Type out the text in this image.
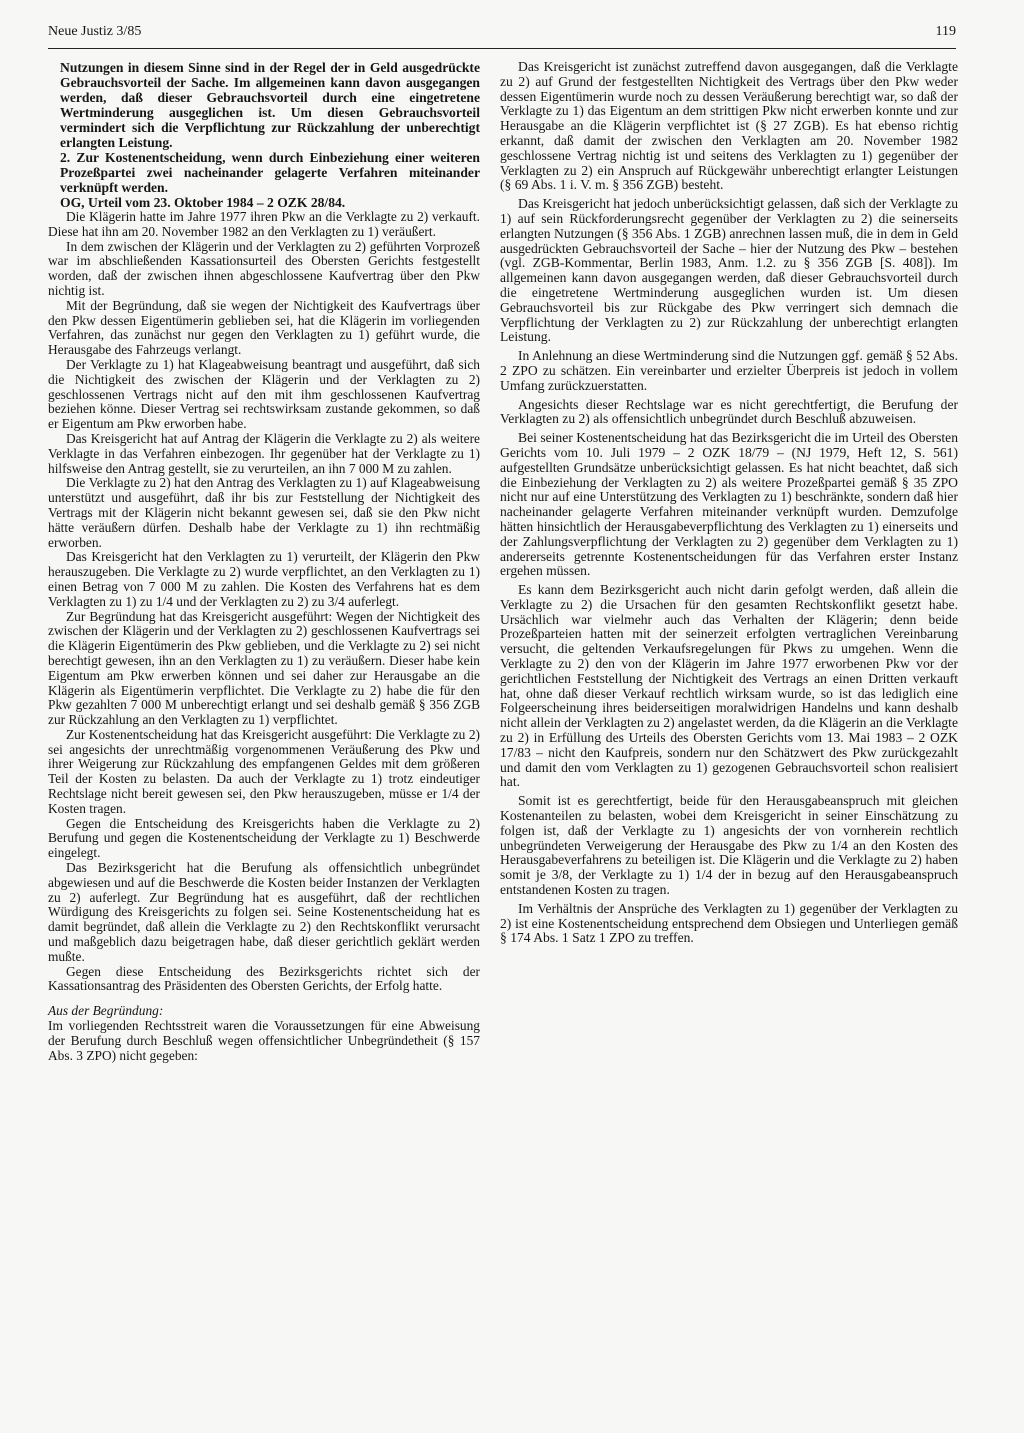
Neue Justiz 3/85	119

Nutzungen in diesem Sinne sind in der Regel der in Geld ausgedrückte Gebrauchsvorteil der Sache. Im allgemeinen kann davon ausgegangen werden, daß dieser Gebrauchsvorteil durch eine eingetretene Wertminderung ausgeglichen ist. Um diesen Gebrauchsvorteil vermindert sich die Verpflichtung zur Rückzahlung der unberechtigt erlangten Leistung.

2. Zur Kostenentscheidung, wenn durch Einbeziehung einer weiteren Prozeßpartei zwei nacheinander gelagerte Verfahren miteinander verknüpft werden.

OG, Urteil vom 23. Oktober 1984 – 2 OZK 28/84.

Die Klägerin hatte im Jahre 1977 ihren Pkw an die Verklagte zu 2) verkauft. Diese hat ihn am 20. November 1982 an den Verklagten zu 1) veräußert.

In dem zwischen der Klägerin und der Verklagten zu 2) geführten Vorprozeß war im abschließenden Kassationsurteil des Obersten Gerichts festgestellt worden, daß der zwischen ihnen abgeschlossene Kaufvertrag über den Pkw nichtig ist.

Mit der Begründung, daß sie wegen der Nichtigkeit des Kaufvertrags über den Pkw dessen Eigentümerin geblieben sei, hat die Klägerin im vorliegenden Verfahren, das zunächst nur gegen den Verklagten zu 1) geführt wurde, die Herausgabe des Fahrzeugs verlangt.

Der Verklagte zu 1) hat Klageabweisung beantragt und ausgeführt, daß sich die Nichtigkeit des zwischen der Klägerin und der Verklagten zu 2) geschlossenen Vertrags nicht auf den mit ihm geschlossenen Kaufvertrag beziehen könne. Dieser Vertrag sei rechtswirksam zustande gekommen, so daß er Eigentum am Pkw erworben habe.

Das Kreisgericht hat auf Antrag der Klägerin die Verklagte zu 2) als weitere Verklagte in das Verfahren einbezogen. Ihr gegenüber hat der Verklagte zu 1) hilfsweise den Antrag gestellt, sie zu verurteilen, an ihn 7 000 M zu zahlen.

Die Verklagte zu 2) hat den Antrag des Verklagten zu 1) auf Klageabweisung unterstützt und ausgeführt, daß ihr bis zur Feststellung der Nichtigkeit des Vertrags mit der Klägerin nicht bekannt gewesen sei, daß sie den Pkw nicht hätte veräußern dürfen. Deshalb habe der Verklagte zu 1) ihn rechtmäßig erworben.

Das Kreisgericht hat den Verklagten zu 1) verurteilt, der Klägerin den Pkw herauszugeben. Die Verklagte zu 2) wurde verpflichtet, an den Verklagten zu 1) einen Betrag von 7 000 M zu zahlen. Die Kosten des Verfahrens hat es dem Verklagten zu 1) zu 1/4 und der Verklagten zu 2) zu 3/4 auferlegt.

Zur Begründung hat das Kreisgericht ausgeführt: Wegen der Nichtigkeit des zwischen der Klägerin und der Verklagten zu 2) geschlossenen Kaufvertrags sei die Klägerin Eigentümerin des Pkw geblieben, und die Verklagte zu 2) sei nicht berechtigt gewesen, ihn an den Verklagten zu 1) zu veräußern. Dieser habe kein Eigentum am Pkw erwerben können und sei daher zur Herausgabe an die Klägerin als Eigentümerin verpflichtet. Die Verklagte zu 2) habe die für den Pkw gezahlten 7 000 M unberechtigt erlangt und sei deshalb gemäß § 356 ZGB zur Rückzahlung an den Verklagten zu 1) verpflichtet.

Zur Kostenentscheidung hat das Kreisgericht ausgeführt: Die Verklagte zu 2) sei angesichts der unrechtmäßig vorgenommenen Veräußerung des Pkw und ihrer Weigerung zur Rückzahlung des empfangenen Geldes mit dem größeren Teil der Kosten zu belasten. Da auch der Verklagte zu 1) trotz eindeutiger Rechtslage nicht bereit gewesen sei, den Pkw herauszugeben, müsse er 1/4 der Kosten tragen.

Gegen die Entscheidung des Kreisgerichts haben die Verklagte zu 2) Berufung und gegen die Kostenentscheidung der Verklagte zu 1) Beschwerde eingelegt.

Das Bezirksgericht hat die Berufung als offensichtlich unbegründet abgewiesen und auf die Beschwerde die Kosten beider Instanzen der Verklagten zu 2) auferlegt. Zur Begründung hat es ausgeführt, daß der rechtlichen Würdigung des Kreisgerichts zu folgen sei. Seine Kostenentscheidung hat es damit begründet, daß allein die Verklagte zu 2) den Rechtskonflikt verursacht und maßgeblich dazu beigetragen habe, daß dieser gerichtlich geklärt werden mußte.

Gegen diese Entscheidung des Bezirksgerichts richtet sich der Kassationsantrag des Präsidenten des Obersten Gerichts, der Erfolg hatte.

Aus der Begründung:

Im vorliegenden Rechtsstreit waren die Voraussetzungen für eine Abweisung der Berufung durch Beschluß wegen offensichtlicher Unbegründetheit (§ 157 Abs. 3 ZPO) nicht gegeben:

Das Kreisgericht ist zunächst zutreffend davon ausgegangen, daß die Verklagte zu 2) auf Grund der festgestellten Nichtigkeit des Vertrags über den Pkw weder dessen Eigentümerin wurde noch zu dessen Veräußerung berechtigt war, so daß der Verklagte zu 1) das Eigentum an dem strittigen Pkw nicht erwerben konnte und zur Herausgabe an die Klägerin verpflichtet ist (§ 27 ZGB). Es hat ebenso richtig erkannt, daß damit der zwischen den Verklagten am 20. November 1982 geschlossene Vertrag nichtig ist und seitens des Verklagten zu 1) gegenüber der Verklagten zu 2) ein Anspruch auf Rückgewähr unberechtigt erlangter Leistungen (§ 69 Abs. 1 i. V. m. § 356 ZGB) besteht.

Das Kreisgericht hat jedoch unberücksichtigt gelassen, daß sich der Verklagte zu 1) auf sein Rückforderungsrecht gegenüber der Verklagten zu 2) die seinerseits erlangten Nutzungen (§ 356 Abs. 1 ZGB) anrechnen lassen muß, die in dem in Geld ausgedrückten Gebrauchsvorteil der Sache – hier der Nutzung des Pkw – bestehen (vgl. ZGB-Kommentar, Berlin 1983, Anm. 1.2. zu § 356 ZGB [S. 408]). Im allgemeinen kann davon ausgegangen werden, daß dieser Gebrauchsvorteil durch die eingetretene Wertminderung ausgeglichen wurden ist. Um diesen Gebrauchsvorteil bis zur Rückgabe des Pkw verringert sich demnach die Verpflichtung der Verklagten zu 2) zur Rückzahlung der unberechtigt erlangten Leistung.

In Anlehnung an diese Wertminderung sind die Nutzungen ggf. gemäß § 52 Abs. 2 ZPO zu schätzen. Ein vereinbarter und erzielter Überpreis ist jedoch in vollem Umfang zurückzuerstatten.

Angesichts dieser Rechtslage war es nicht gerechtfertigt, die Berufung der Verklagten zu 2) als offensichtlich unbegründet durch Beschluß abzuweisen.

Bei seiner Kostenentscheidung hat das Bezirksgericht die im Urteil des Obersten Gerichts vom 10. Juli 1979 – 2 OZK 18/79 – (NJ 1979, Heft 12, S. 561) aufgestellten Grundsätze unberücksichtigt gelassen. Es hat nicht beachtet, daß sich die Einbeziehung der Verklagten zu 2) als weitere Prozeßpartei gemäß § 35 ZPO nicht nur auf eine Unterstützung des Verklagten zu 1) beschränkte, sondern daß hier nacheinander gelagerte Verfahren miteinander verknüpft wurden. Demzufolge hätten hinsichtlich der Herausgabeverpflichtung des Verklagten zu 1) einerseits und der Zahlungsverpflichtung der Verklagten zu 2) gegenüber dem Verklagten zu 1) andererseits getrennte Kostenentscheidungen für das Verfahren erster Instanz ergehen müssen.

Es kann dem Bezirksgericht auch nicht darin gefolgt werden, daß allein die Verklagte zu 2) die Ursachen für den gesamten Rechtskonflikt gesetzt habe. Ursächlich war vielmehr auch das Verhalten der Klägerin; denn beide Prozeßparteien hatten mit der seinerzeit erfolgten vertraglichen Vereinbarung versucht, die geltenden Verkaufsregelungen für Pkws zu umgehen. Wenn die Verklagte zu 2) den von der Klägerin im Jahre 1977 erworbenen Pkw vor der gerichtlichen Feststellung der Nichtigkeit des Vertrags an einen Dritten verkauft hat, ohne daß dieser Verkauf rechtlich wirksam wurde, so ist das lediglich eine Folgeerscheinung ihres beiderseitigen moralwidrigen Handelns und kann deshalb nicht allein der Verklagten zu 2) angelastet werden, da die Klägerin an die Verklagte zu 2) in Erfüllung des Urteils des Obersten Gerichts vom 13. Mai 1983 – 2 OZK 17/83 – nicht den Kaufpreis, sondern nur den Schätzwert des Pkw zurückgezahlt und damit den vom Verklagten zu 1) gezogenen Gebrauchsvorteil schon realisiert hat.

Somit ist es gerechtfertigt, beide für den Herausgabeanspruch mit gleichen Kostenanteilen zu belasten, wobei dem Kreisgericht in seiner Einschätzung zu folgen ist, daß der Verklagte zu 1) angesichts der von vornherein rechtlich unbegründeten Verweigerung der Herausgabe des Pkw zu 1/4 an den Kosten des Herausgabeverfahrens zu beteiligen ist. Die Klägerin und die Verklagte zu 2) haben somit je 3/8, der Verklagte zu 1) 1/4 der in bezug auf den Herausgabeanspruch entstandenen Kosten zu tragen.

Im Verhältnis der Ansprüche des Verklagten zu 1) gegenüber der Verklagten zu 2) ist eine Kostenentscheidung entsprechend dem Obsiegen und Unterliegen gemäß § 174 Abs. 1 Satz 1 ZPO zu treffen.
